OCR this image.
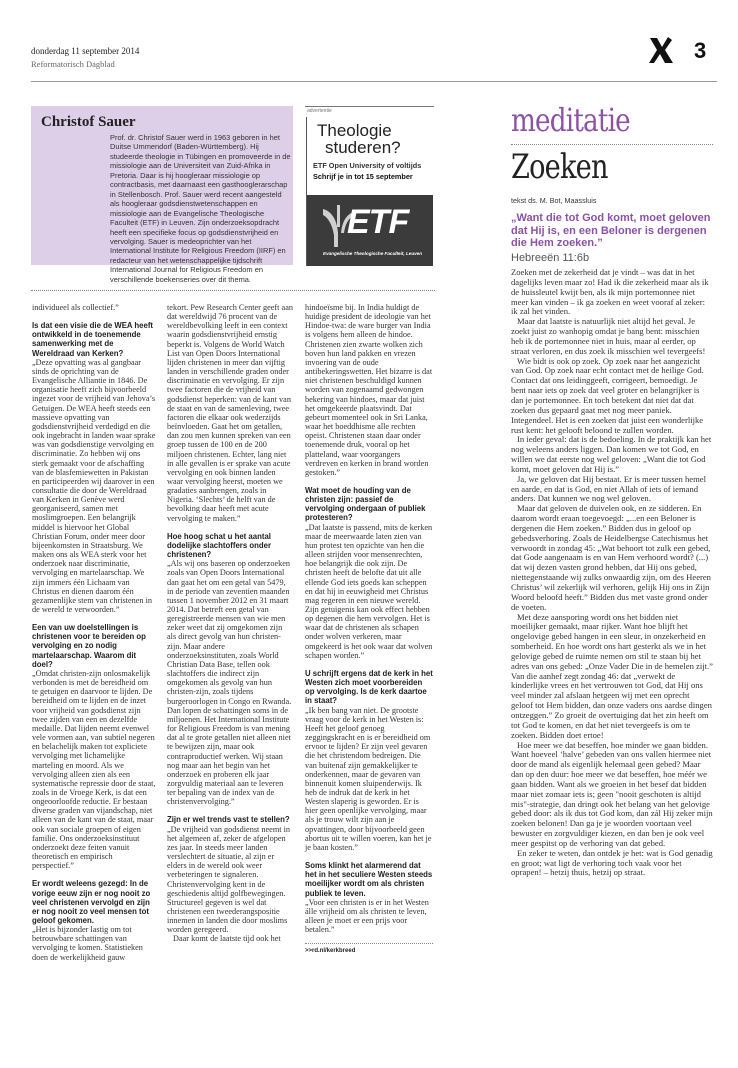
donderdag 11 september 2014
Reformatorisch Dagblad
3
Christof Sauer
Prof. dr. Christof Sauer werd in 1963 geboren in het Duitse Ummendorf (Baden-Württemberg). Hij studeerde theologie in Tübingen en promoveerde in de missiologie aan de Universiteit van Zuid-Afrika in Pretoria. Daar is hij hoogleraar missiologie op contractbasis, met daarnaast een gasthooglerarschap in Stellenbosch. Prof. Sauer werd recent aangesteld als hoogleraar godsdienstwetenschappen en missiologie aan de Evangelische Theologische Faculteit (ETF) in Leuven. Zijn onderzoeksopdracht heeft een specifieke focus op godsdienstvrijheid en vervolging. Sauer is medeoprichter van het International Institute for Religious Freedom (IIRF) en redacteur van het wetenschappelijke tijdschrift International Journal for Religious Freedom en verschillende boekenseries over dit thema.
advertentie
Theologie
studeren?
ETF Open University of voltijds
Schrijf je in tot 15 september
ETF
Evangelische Theologische Faculteit, Leuven

individueel als collectief.”

Is dat een visie die de WEA heeft ontwikkeld in de toenemende samenwerking met de Wereldraad van Kerken?

„Deze opvatting was al gangbaar sinds de oprichting van de Evangelische Alliantie in 1846. De organisatie heeft zich bijvoorbeeld ingezet voor de vrijheid van Jehova’s Getuigen. De WEA heeft steeds een massieve opvatting van godsdienstvrijheid verdedigd en die ook ingebracht in landen waar sprake was van godsdienstige vervolging en discriminatie. Zo hebben wij ons sterk gemaakt voor de afschaffing van de blasfemiewetten in Pakistan en participeerden wij daarover in een consultatie die door de Wereldraad van Kerken in Genève werd georganiseerd, samen met moslimgroepen. Een belangrijk middel is hiervoor het Global Christian Forum, onder meer door bijeenkomsten in Straatsburg. We maken ons als WEA sterk voor het onderzoek naar discriminatie, vervolging en martelaarschap. We zijn immers één Lichaam van Christus en dienen daarom één gezamenlijke stem van christenen in de wereld te verwoorden.”

Een van uw doelstellingen is christenen voor te bereiden op vervolging en zo nodig martelaarschap. Waarom dit doel?

„Omdat christen-zijn onlosmakelijk verbonden is met de bereidheid om te getuigen en daarvoor te lijden. De bereidheid om te lijden en de inzet voor vrijheid van godsdienst zijn twee zijden van een en dezelfde medaille. Dat lijden neemt evenwel vele vormen aan, van subtiel negeren en belachelijk maken tot expliciete vervolging met lichamelijke marteling en moord. Als we vervolging alleen zien als een systematische repressie door de staat, zoals in de Vroege Kerk, is dat een ongeoorloofde reductie. Er bestaan diverse graden van vijandschap, niet alleen van de kant van de staat, maar ook van sociale groepen of eigen familie. Ons onderzoeksinstituut onderzoekt deze feiten vanuit theoretisch en empirisch perspectief.”

Er wordt weleens gezegd: In de vorige eeuw zijn er nog nooit zo veel christenen vervolgd en zijn er nog nooit zo veel mensen tot geloof gekomen.

„Het is bijzonder lastig om tot betrouwbare schattingen van vervolging te komen. Statistieken doen de werkelijkheid gauw

tekort. Pew Research Center geeft aan dat wereldwijd 76 procent van de wereldbevolking leeft in een context waarin godsdienstvrijheid ernstig beperkt is. Volgens de World Watch List van Open Doors International lijden christenen in meer dan vijftig landen in verschillende graden onder discriminatie en vervolging. Er zijn twee factoren die de vrijheid van godsdienst beperken: van de kant van de staat en van de samenleving, twee factoren die elkaar ook wederzijds beïnvloeden. Gaat het om getallen, dan zou men kunnen spreken van een groep tussen de 100 en de 200 miljoen christenen. Echter, lang niet in alle gevallen is er sprake van acute vervolging en ook binnen landen waar vervolging heerst, moeten we gradaties aanbrengen, zoals in Nigeria. ‘Slechts’ de helft van de bevolking daar heeft met acute vervolging te maken.”

Hoe hoog schat u het aantal dodelijke slachtoffers onder christenen?

„Als wij ons baseren op onderzoeken zoals van Open Doors International dan gaat het om een getal van 5479, in de periode van zeventien maanden tussen 1 november 2012 en 31 maart 2014. Dat betreft een getal van geregistreerde mensen van wie men zeker weet dat zij omgekomen zijn als direct gevolg van hun christen-zijn. Maar andere onderzoeksinstituten, zoals World Christian Data Base, tellen ook slachtoffers die indirect zijn omgekomen als gevolg van hun christen-zijn, zoals tijdens burgeroorlogen in Congo en Rwanda. Dan lopen de schattingen soms in de miljoenen. Het International Institute for Religious Freedom is van mening dat al te grote getallen niet alleen niet te bewijzen zijn, maar ook contraproductief werken. Wij staan nog maar aan het begin van het onderzoek en proberen elk jaar zorgvuldig materiaal aan te leveren ter bepaling van de index van de christenvervolging.”

Zijn er wel trends vast te stellen?

„De vrijheid van godsdienst neemt in het algemeen af, zeker de afgelopen zes jaar. In steeds meer landen verslechtert de situatie, al zijn er elders in de wereld ook weer verbeteringen te signaleren. Christenvervolging kent in de geschiedenis altijd golfbewegingen. Structureel gegeven is wel dat christenen een tweederangspositie innemen in landen die door moslims worden geregeerd.

Daar komt de laatste tijd ook het

hindoeïsme bij. In India huldigt de huidige president de ideologie van het Hindoe-twa: de ware burger van India is volgens hem alleen de hindoe. Christenen zien zwarte wolken zich boven hun land pakken en vrezen invoering van de oude antibekeringswetten. Het bizarre is dat niet christenen beschuldigd kunnen worden van zogenaamd gedwongen bekering van hindoes, maar dat juist het omgekeerde plaatsvindt. Dat gebeurt momenteel ook in Sri Lanka, waar het boeddhisme alle rechten opeist. Christenen staan daar onder toenemende druk, vooral op het platteland, waar voorgangers verdreven en kerken in brand worden gestoken.”

Wat moet de houding van de christen zijn: passief de vervolging ondergaan of publiek protesteren?

„Dat laatste is passend, mits de kerken maar de meerwaarde laten zien van hun protest ten opzichte van hen die alleen strijden voor mensenrechten, hoe belangrijk die ook zijn. De christen heeft de belofte dat uit alle ellende God iets goeds kan scheppen en dat hij in eeuwigheid met Christus mag regeren in een nieuwe wereld. Zijn getuigenis kan ook effect hebben op degenen die hem vervolgen. Het is waar dat de christenen als schapen onder wolven verkeren, maar omgekeerd is het ook waar dat wolven schapen worden.”

U schrijft ergens dat de kerk in het Westen zich moet voorbereiden op vervolging. Is de kerk daartoe in staat?

„Ik ben bang van niet. De grootste vraag voor de kerk in het Westen is: Heeft het geloof genoeg zeggingskracht en is er bereidheid om ervoor te lijden? Er zijn veel gevaren die het christendom bedreigen. Die van buitenaf zijn gemakkelijker te onderkennen, maar de gevaren van binnenuit komen sluipenderwijs. Ik heb de indruk dat de kerk in het Westen slaperig is geworden. Er is hier geen openlijke vervolging, maar als je trouw wilt zijn aan je opvattingen, door bijvoorbeeld geen abortus uit te willen voeren, kan het je je baan kosten.”

Soms klinkt het alarmerend dat het in het seculiere Westen steeds moeilijker wordt om als christen publiek te leven.

„Voor een christen is er in het Westen álle vrijheid om als christen te leven, alleen je moet er een prijs voor betalen.”

>>rd.nl/kerkbreed
meditatie
Zoeken
tekst ds. M. Bot, Maassluis
„Want die tot God komt, moet geloven dat Hij is, en een Beloner is dergenen die Hem zoeken.”
Hebreeën 11:6b

Zoeken met de zekerheid dat je vindt – was dat in het dagelijks leven maar zo! Had ik die zekerheid maar als ik de huissleutel kwijt ben, als ik mijn portemonnee niet meer kan vinden – ik ga zoeken en weet vooraf al zeker: ik zal het vinden.

Maar dat laatste is natuurlijk niet altijd het geval. Je zoekt juist zo wanhopig omdat je bang bent: misschien heb ik de portemonnee niet in huis, maar al eerder, op straat verloren, en dus zoek ik misschien wel tevergeefs!

Wie bidt is ook op zoek. Op zoek naar het aangezicht van God. Op zoek naar echt contact met de heilige God. Contact dat ons leidinggeeft, corrigeert, bemoedigt. Je bent naar iets op zoek dat veel groter en belangrijker is dan je portemonnee. En toch betekent dat niet dat dat zoeken dus gepaard gaat met nog meer paniek. Integendeel. Het is een zoeken dat juist een wonderlijke rust kent: het gelooft beloond te zullen worden.

In ieder geval: dat is de bedoeling. In de praktijk kan het nog weleens anders liggen. Dan komen we tot God, en willen we dat eerste nog wel geloven: „Want die tot God komt, moet geloven dat Hij is.”

Ja, we geloven dat Hij bestaat. Er is meer tussen hemel en aarde, en dat is God, en niet Allah of iets of iemand anders. Dat kunnen we nog wel geloven.

Maar dat geloven de duivelen ook, en ze sidderen. En daarom wordt eraan toegevoegd: „...en een Beloner is dergenen die Hem zoeken.” Bidden dus in geloof op gebedsverhoring. Zoals de Heidelbergse Catechismus het verwoordt in zondag 45: „Wat behoort tot zulk een gebed, dat Gode aangenaam is en van Hem verhoord wordt? (...) dat wij dezen vasten grond hebben, dat Hij ons gebed, niettegenstaande wij zulks onwaardig zijn, om des Heeren Christus’ wil zekerlijk wil verhoren, gelijk Hij ons in Zijn Woord beloofd heeft.” Bidden dus met vaste grond onder de voeten.

Met deze aansporing wordt ons het bidden niet moeilijker gemaakt, maar rijker. Want hoe blijft het ongelovige gebed hangen in een sleur, in onzekerheid en somberheid. En hoe wordt ons hart gesterkt als we in het gelovige gebed de ruimte nemen om stil te staan bij het adres van ons gebed: „Onze Vader Die in de hemelen zijt.” Van die aanhef zegt zondag 46: dat „verwekt de kinderlijke vrees en het vertrouwen tot God, dat Hij ons veel minder zal afslaan hetgeen wij met een oprecht geloof tot Hem bidden, dan onze vaders ons aardse dingen ontzeggen.” Zo groeit de overtuiging dat het zin heeft om tot God te komen, en dat het niet tevergeefs is om te zoeken. Bidden doet ertoe!

Hoe meer we dat beseffen, hoe minder we gaan bidden. Want hoeveel ‘halve’ gebeden van ons vallen hiermee niet door de mand als eigenlijk helemaal geen gebed? Maar dan op den duur: hoe meer we dat beseffen, hoe méér we gaan bidden. Want als we groeien in het besef dat bidden maar niet zomaar iets is; geen "nooit geschoten is altijd mis"-strategie, dan dringt ook het belang van het gelovige gebed door: als ik dus tot God kom, dan zál Hij zeker mijn zoeken belonen! Dan ga je je woorden voortaan veel bewuster en zorgvuldiger kiezen, en dan ben je ook veel meer gespitst op de verhoring van dat gebed.

En zeker te weten, dan ontdek je het: wat is God genadig en groot; wat ligt de verhoring toch vaak voor het oprapen! – hetzij thuis, hetzij op straat.
